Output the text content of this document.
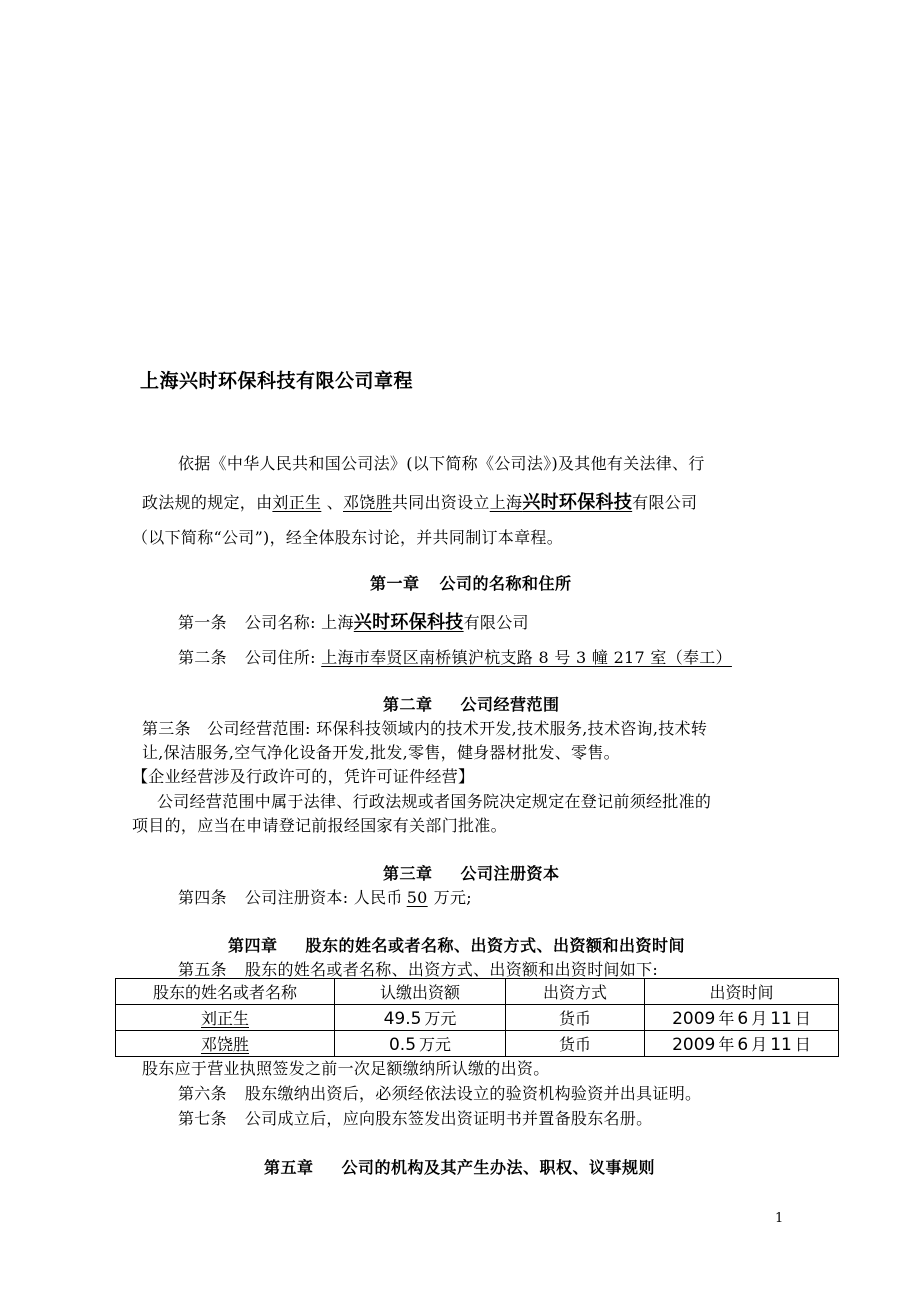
上海兴时环保科技有限公司章程
依据《中华人民共和国公司法》(以下简称《公司法》)及其他有关法律、行
政法规的规定，由刘正生 、邓饶胜共同出资设立上海兴时环保科技有限公司
（以下简称“公司”)，经全体股东讨论，并共同制订本章程。
第一章 公司的名称和住所
第一条 公司名称: 上海兴时环保科技有限公司
第二条 公司住所: 上海市奉贤区南桥镇沪杭支路 8 号 3 幢 217 室（奉工）
第二章 公司经营范围
第三条　公司经营范围: 环保科技领域内的技术开发,技术服务,技术咨询,技术转
让,保洁服务,空气净化设备开发,批发,零售，健身器材批发、零售。
【企业经营涉及行政许可的，凭许可证件经营】
公司经营范围中属于法律、行政法规或者国务院决定规定在登记前须经批准的
项目的，应当在申请登记前报经国家有关部门批准。
第三章 公司注册资本
第四条 公司注册资本: 人民币 50 万元;
第四章 股东的姓名或者名称、出资方式、出资额和出资时间
第五条 股东的姓名或者名称、出资方式、出资额和出资时间如下:
股东的姓名或者名称	认缴出资额	出资方式	出资时间
刘正生	49.5 万元	货币	2009 年 6 月 11 日
邓饶胜	0.5 万元	货币	2009 年 6 月 11 日
股东应于营业执照签发之前一次足额缴纳所认缴的出资。
第六条 股东缴纳出资后，必须经依法设立的验资机构验资并出具证明。
第七条 公司成立后，应向股东签发出资证明书并置备股东名册。
第五章 公司的机构及其产生办法、职权、议事规则
1
